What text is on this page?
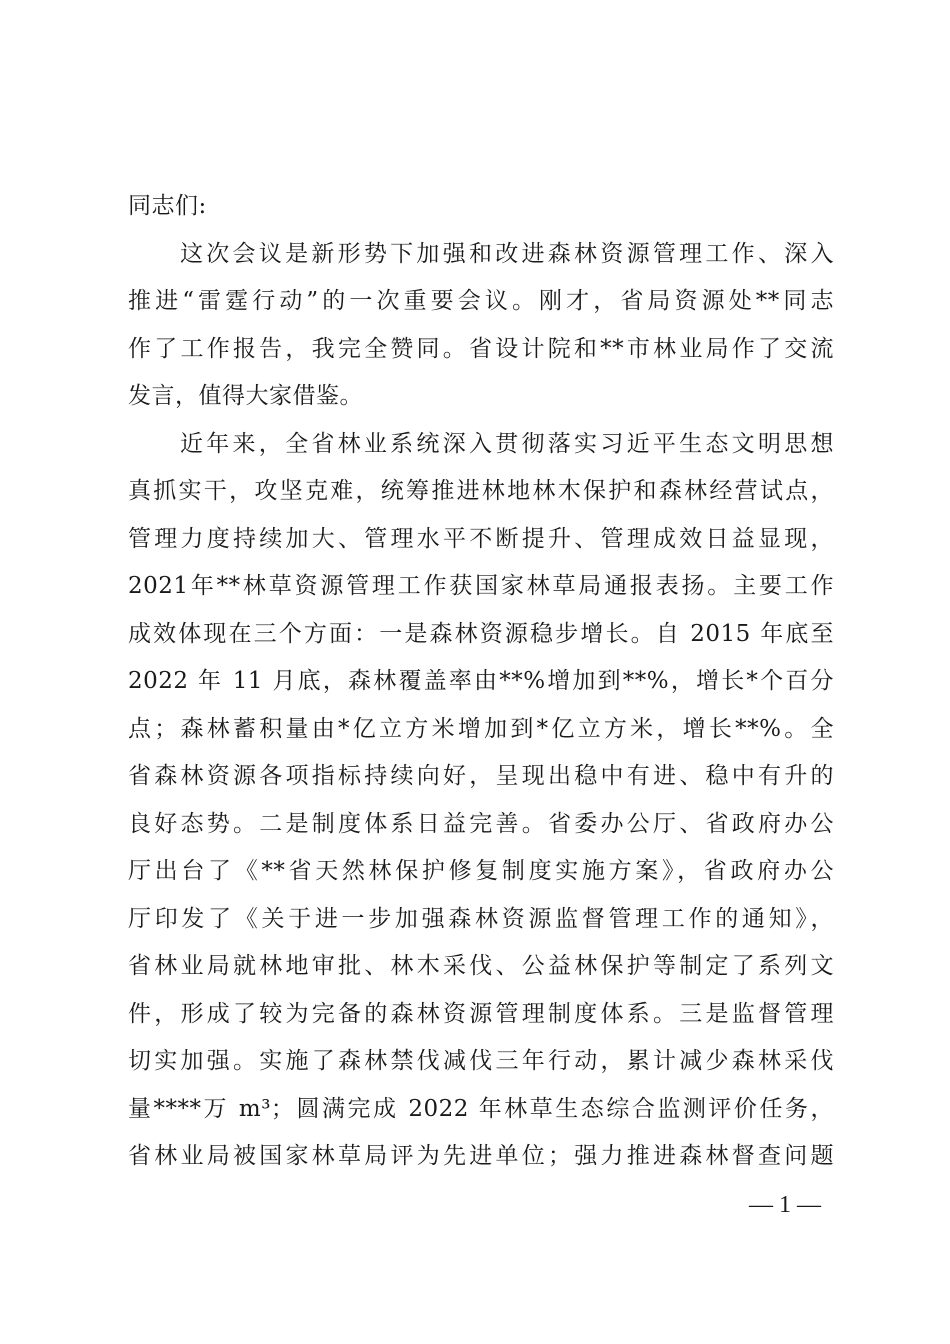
同志们:
这次会议是新形势下加强和改进森林资源管理工作、深入
推进“雷霆行动”的一次重要会议。刚才，省局资源处**同志
作了工作报告，我完全赞同。省设计院和**市林业局作了交流
发言，值得大家借鉴。
近年来，全省林业系统深入贯彻落实习近平生态文明思想
真抓实干，攻坚克难，统筹推进林地林木保护和森林经营试点，
管理力度持续加大、管理水平不断提升、管理成效日益显现，
2021年**林草资源管理工作获国家林草局通报表扬。主要工作
成效体现在三个方面：一是森林资源稳步增长。自 2015 年底至
2022 年 11 月底，森林覆盖率由**%增加到**%，增长*个百分
点；森林蓄积量由*亿立方米增加到*亿立方米，增长**%。全
省森林资源各项指标持续向好，呈现出稳中有进、稳中有升的
良好态势。二是制度体系日益完善。省委办公厅、省政府办公
厅出台了《**省天然林保护修复制度实施方案》，省政府办公
厅印发了《关于进一步加强森林资源监督管理工作的通知》，
省林业局就林地审批、林木采伐、公益林保护等制定了系列文
件，形成了较为完备的森林资源管理制度体系。三是监督管理
切实加强。实施了森林禁伐减伐三年行动，累计减少森林采伐
量****万 m³；圆满完成 2022 年林草生态综合监测评价任务，
省林业局被国家林草局评为先进单位；强力推进森林督查问题
— 1 —
